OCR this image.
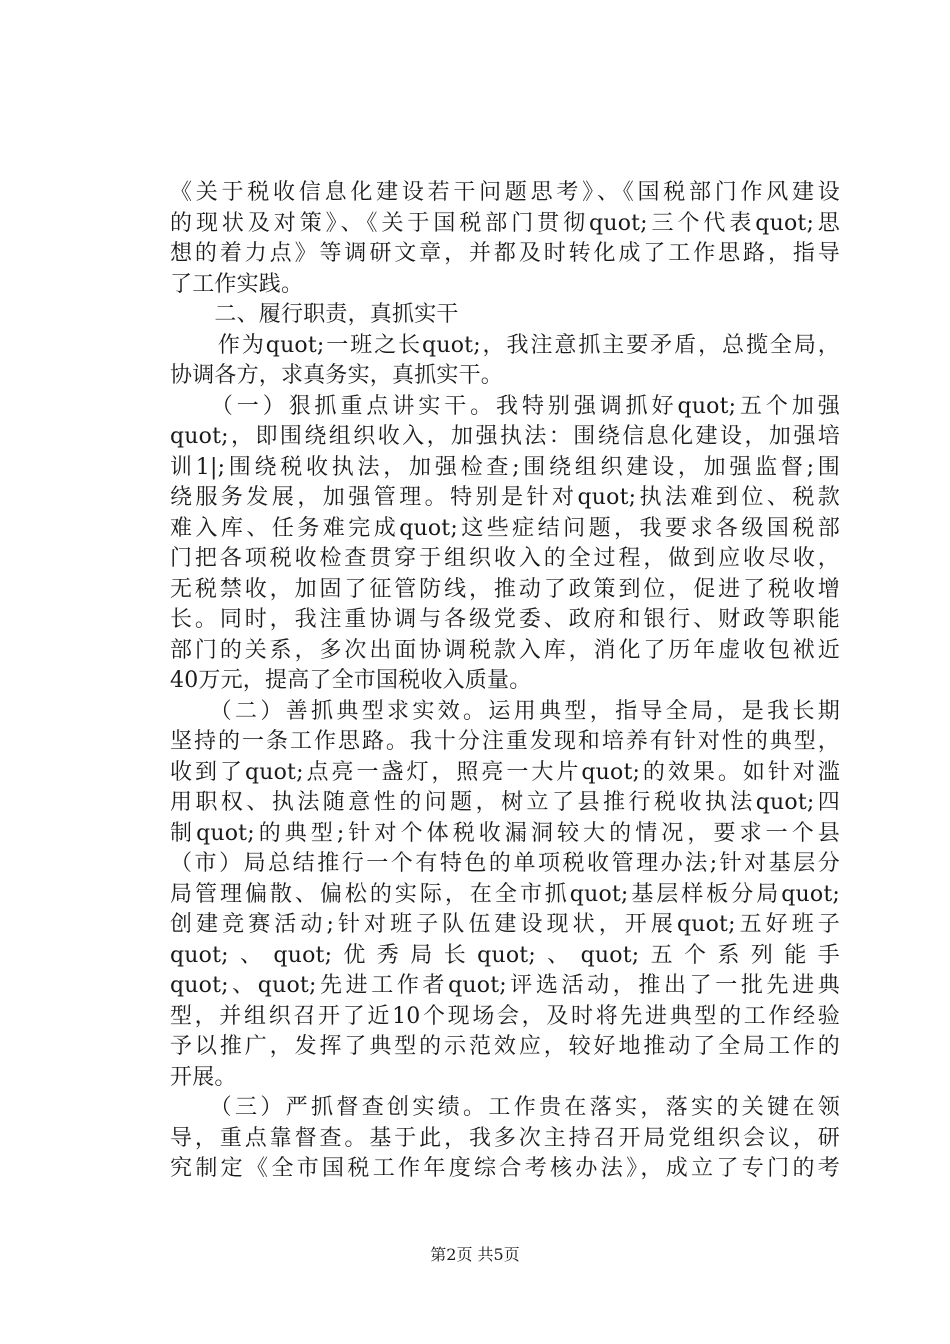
《关于税收信息化建设若干问题思考》、《国税部门作风建设
的现状及对策》、《关于国税部门贯彻quot;三个代表quot;思
想的着力点》等调研文章，并都及时转化成了工作思路，指导
了工作实践。
　　二、履行职责，真抓实干
　　作为quot;一班之长quot;，我注意抓主要矛盾，总揽全局，
协调各方，求真务实，真抓实干。
　　（一）狠抓重点讲实干。我特别强调抓好quot;五个加强
quot;，即围绕组织收入，加强执法：围绕信息化建设，加强培
训1|;围绕税收执法，加强检查;围绕组织建设，加强监督;围
绕服务发展，加强管理。特别是针对quot;执法难到位、税款
难入库、任务难完成quot;这些症结问题，我要求各级国税部
门把各项税收检查贯穿于组织收入的全过程，做到应收尽收，
无税禁收，加固了征管防线，推动了政策到位，促进了税收增
长。同时，我注重协调与各级党委、政府和银行、财政等职能
部门的关系，多次出面协调税款入库，消化了历年虚收包袱近
40万元，提高了全市国税收入质量。
　　（二）善抓典型求实效。运用典型，指导全局，是我长期
坚持的一条工作思路。我十分注重发现和培养有针对性的典型，
收到了quot;点亮一盏灯，照亮一大片quot;的效果。如针对滥
用职权、执法随意性的问题，树立了县推行税收执法quot;四
制quot;的典型;针对个体税收漏洞较大的情况，要求一个县
（市）局总结推行一个有特色的单项税收管理办法;针对基层分
局管理偏散、偏松的实际，在全市抓quot;基层样板分局quot;
创建竞赛活动;针对班子队伍建设现状，开展quot;五好班子
quot;、quot;优秀局长quot;、quot;五个系列能手
quot;、quot;先进工作者quot;评选活动，推出了一批先进典
型，并组织召开了近10个现场会，及时将先进典型的工作经验
予以推广，发挥了典型的示范效应，较好地推动了全局工作的
开展。
　　（三）严抓督查创实绩。工作贵在落实，落实的关键在领
导，重点靠督查。基于此，我多次主持召开局党组织会议，研
究制定《全市国税工作年度综合考核办法》，成立了专门的考
第2页 共5页
